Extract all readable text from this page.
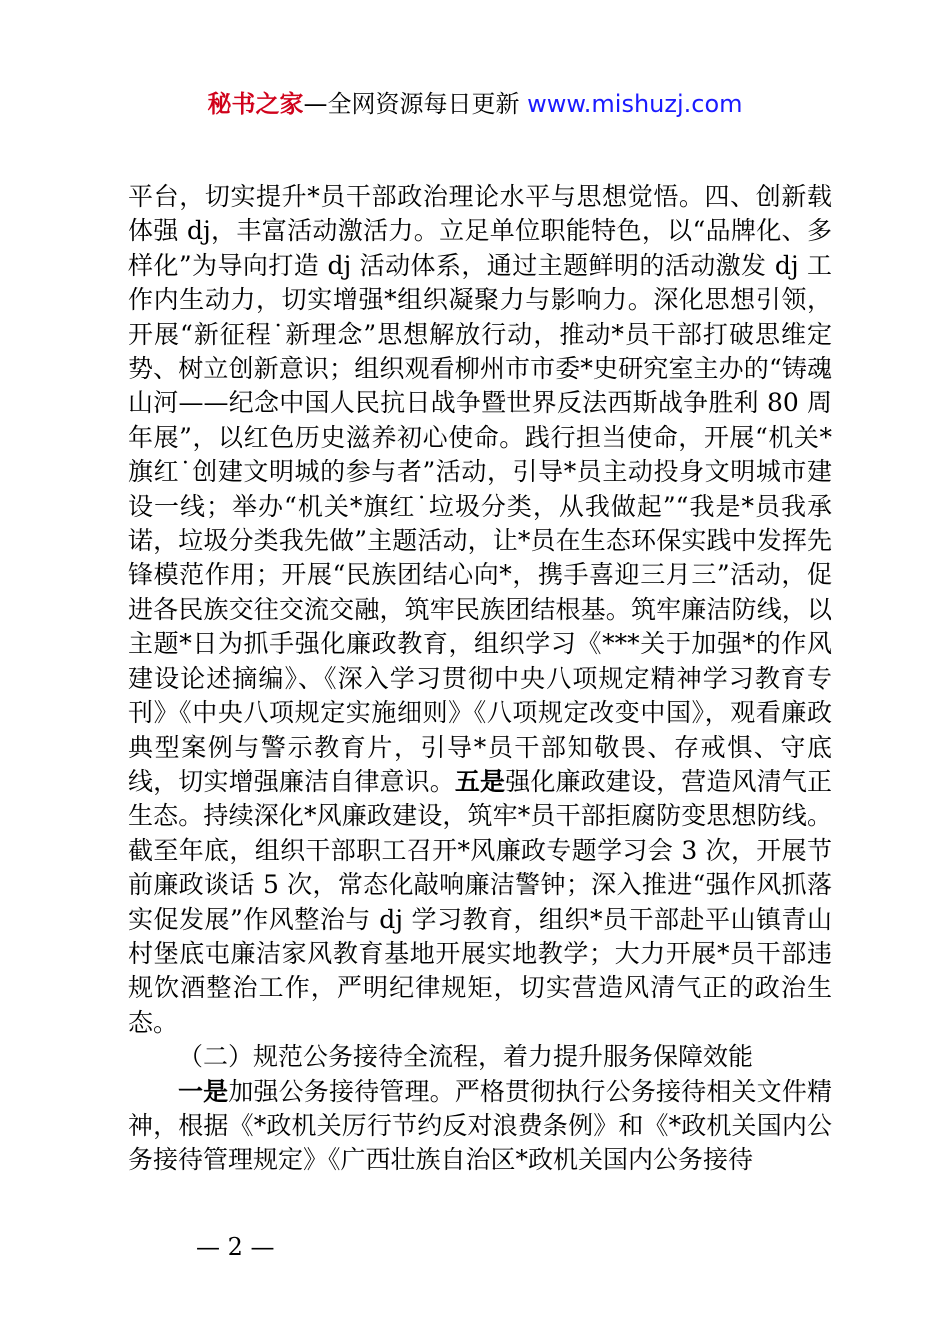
秘书之家—全网资源每日更新 www.mishuzj.com

平台，切实提升*员干部政治理论水平与思想觉悟。四、创新载体强 dj，丰富活动激活力。立足单位职能特色，以“品牌化、多样化”为导向打造 dj 活动体系，通过主题鲜明的活动激发 dj 工作内生动力，切实增强*组织凝聚力与影响力。深化思想引领，开展“新征程˙新理念”思想解放行动，推动*员干部打破思维定势、树立创新意识；组织观看柳州市市委*史研究室主办的“铸魂山河——纪念中国人民抗日战争暨世界反法西斯战争胜利 80 周年展”，以红色历史滋养初心使命。践行担当使命，开展“机关*旗红˙创建文明城的参与者”活动，引导*员主动投身文明城市建设一线；举办“机关*旗红˙垃圾分类，从我做起”“我是*员我承诺，垃圾分类我先做”主题活动，让*员在生态环保实践中发挥先锋模范作用；开展“民族团结心向*，携手喜迎三月三”活动，促进各民族交往交流交融，筑牢民族团结根基。筑牢廉洁防线，以主题*日为抓手强化廉政教育，组织学习《***关于加强*的作风建设论述摘编》、《深入学习贯彻中央八项规定精神学习教育专刊》《中央八项规定实施细则》《八项规定改变中国》，观看廉政典型案例与警示教育片，引导*员干部知敬畏、存戒惧、守底线，切实增强廉洁自律意识。五是强化廉政建设，营造风清气正生态。持续深化*风廉政建设，筑牢*员干部拒腐防变思想防线。截至年底，组织干部职工召开*风廉政专题学习会 3 次，开展节前廉政谈话 5 次，常态化敲响廉洁警钟；深入推进“强作风抓落实促发展”作风整治与 dj 学习教育，组织*员干部赴平山镇青山村堡底屯廉洁家风教育基地开展实地教学；大力开展*员干部违规饮酒整治工作，严明纪律规矩，切实营造风清气正的政治生态。

（二）规范公务接待全流程，着力提升服务保障效能

一是加强公务接待管理。严格贯彻执行公务接待相关文件精神，根据《*政机关厉行节约反对浪费条例》和《*政机关国内公务接待管理规定》《广西壮族自治区*政机关国内公务接待

— 2 —
